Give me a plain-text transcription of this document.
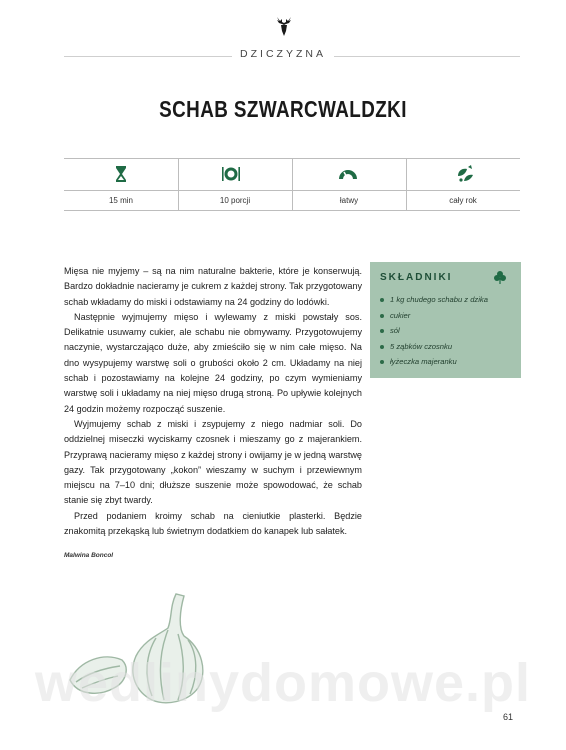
DZICZYZNA
SCHAB SZWARCWALDZKI
15 min	10 porcji	łatwy	cały rok

Mięsa nie myjemy – są na nim naturalne bakterie, które je konserwują. Bardzo dokładnie nacieramy je cukrem z każdej strony. Tak przygotowany schab wkładamy do miski i odstawiamy na 24 godziny do lodówki.

Następnie wyjmujemy mięso i wylewamy z miski powstały sos. Delikatnie usuwamy cukier, ale schabu nie obmywamy. Przygotowujemy naczynie, wystarczająco duże, aby zmieściło się w nim całe mięso. Na dno wysypujemy warstwę soli o grubości około 2 cm. Układamy na niej schab i pozostawiamy na kolejne 24 godziny, po czym wymieniamy warstwę soli i układamy na niej mięso drugą stroną. Po upływie kolejnych 24 godzin możemy rozpocząć suszenie.

Wyjmujemy schab z miski i zsypujemy z niego nadmiar soli. Do oddzielnej miseczki wyciskamy czosnek i mieszamy go z majerankiem. Przyprawą nacieramy mięso z każdej strony i owijamy je w jedną warstwę gazy. Tak przygotowany „kokon” wieszamy w suchym i przewiewnym miejscu na 7–10 dni; dłuższe suszenie może spowodować, że schab stanie się zbyt twardy.

Przed podaniem kroimy schab na cieniutkie plasterki. Będzie znakomitą przekąską lub świetnym dodatkiem do kanapek lub sałatek.

Malwina Boncol
SKŁADNIKI
1 kg chudego schabu z dzika
cukier
sól
5 ząbków czosnku
łyżeczka majeranku
wedlinydomowe.pl
61
